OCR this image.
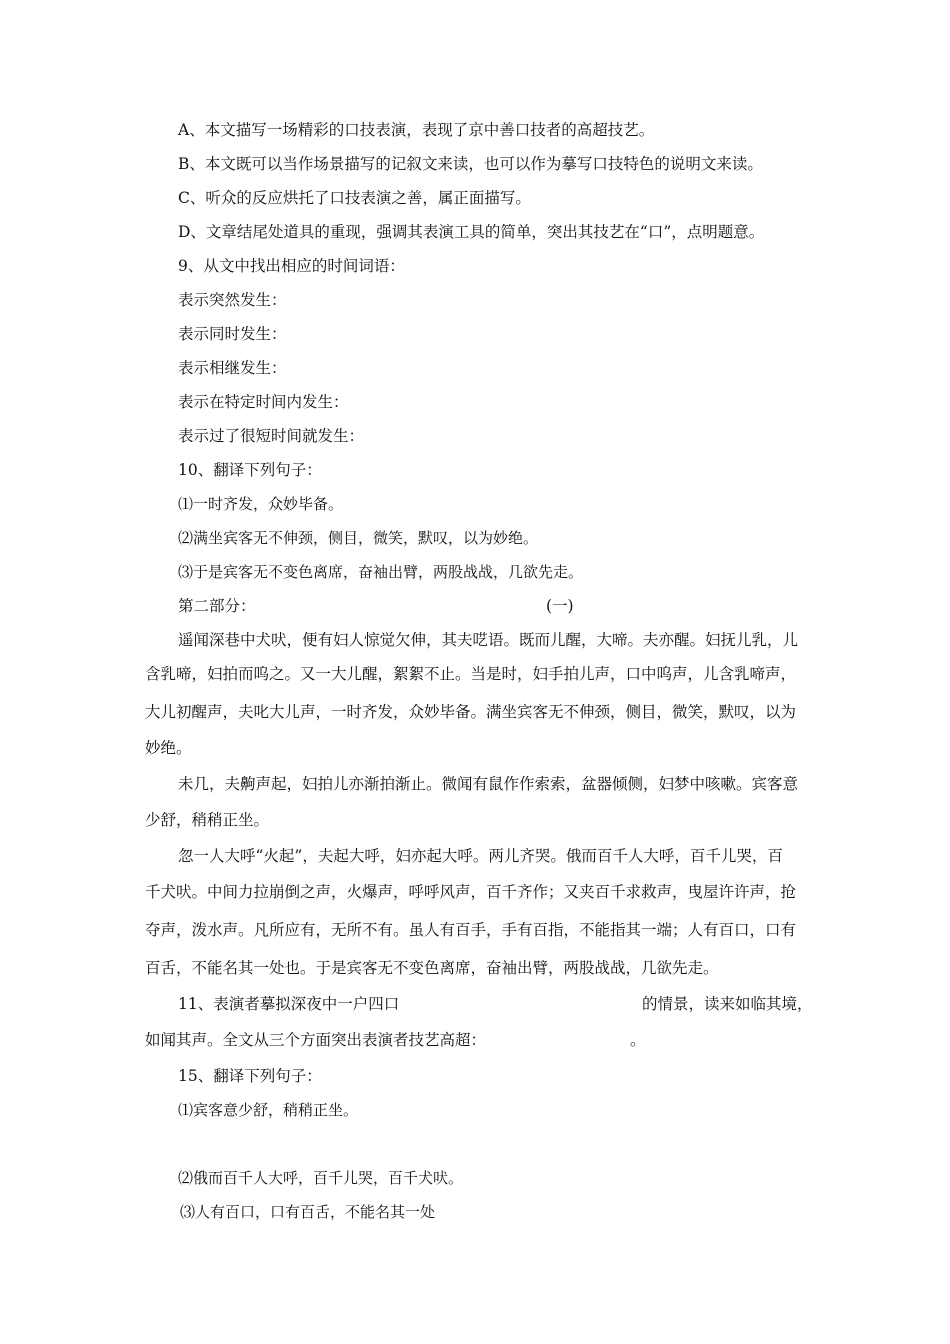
A、本文描写一场精彩的口技表演，表现了京中善口技者的高超技艺。
B、本文既可以当作场景描写的记叙文来读，也可以作为摹写口技特色的说明文来读。
C、听众的反应烘托了口技表演之善，属正面描写。
D、文章结尾处道具的重现，强调其表演工具的简单，突出其技艺在“口”，点明题意。
9、从文中找出相应的时间词语：
表示突然发生：
表示同时发生：
表示相继发生：
表示在特定时间内发生：
表示过了很短时间就发生：
10、翻译下列句子：
⑴一时齐发，众妙毕备。
⑵满坐宾客无不伸颈，侧目，微笑，默叹，以为妙绝。
⑶于是宾客无不变色离席，奋袖出臂，两股战战，几欲先走。
第二部分：	(一)
遥闻深巷中犬吠，便有妇人惊觉欠伸，其夫呓语。既而儿醒，大啼。夫亦醒。妇抚儿乳，儿
含乳啼，妇拍而呜之。又一大儿醒，絮絮不止。当是时，妇手拍儿声，口中呜声，儿含乳啼声，
大儿初醒声，夫叱大儿声，一时齐发，众妙毕备。满坐宾客无不伸颈，侧目，微笑，默叹，以为
妙绝。
未几，夫齁声起，妇拍儿亦渐拍渐止。微闻有鼠作作索索，盆器倾侧，妇梦中咳嗽。宾客意
少舒，稍稍正坐。
忽一人大呼“火起”，夫起大呼，妇亦起大呼。两儿齐哭。俄而百千人大呼，百千儿哭，百
千犬吠。中间力拉崩倒之声，火爆声，呼呼风声，百千齐作；又夹百千求救声，曳屋许许声，抢
夺声，泼水声。凡所应有，无所不有。虽人有百手，手有百指，不能指其一端；人有百口，口有
百舌，不能名其一处也。于是宾客无不变色离席，奋袖出臂，两股战战，几欲先走。
11、表演者摹拟深夜中一户四口	的情景，读来如临其境，
如闻其声。全文从三个方面突出表演者技艺高超：	。
15、翻译下列句子：
⑴宾客意少舒，稍稍正坐。
⑵俄而百千人大呼，百千儿哭，百千犬吠。
⑶人有百口，口有百舌，不能名其一处
